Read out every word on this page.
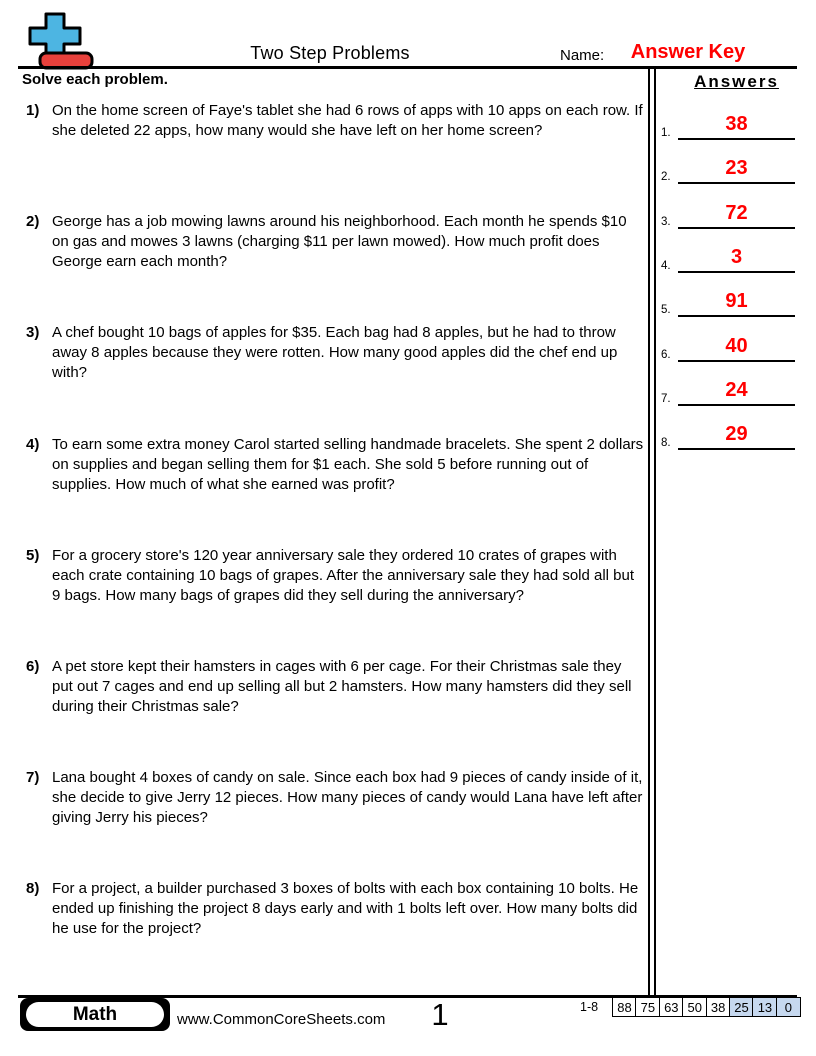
Two Step Problems	Name:	Answer Key
Solve each problem.
1) On the home screen of Faye's tablet she had 6 rows of apps with 10 apps on each row. If she deleted 22 apps, how many would she have left on her home screen?
2) George has a job mowing lawns around his neighborhood. Each month he spends $10 on gas and mowes 3 lawns (charging $11 per lawn mowed). How much profit does George earn each month?
3) A chef bought 10 bags of apples for $35. Each bag had 8 apples, but he had to throw away 8 apples because they were rotten. How many good apples did the chef end up with?
4) To earn some extra money Carol started selling handmade bracelets. She spent 2 dollars on supplies and began selling them for $1 each. She sold 5 before running out of supplies. How much of what she earned was profit?
5) For a grocery store's 120 year anniversary sale they ordered 10 crates of grapes with each crate containing 10 bags of grapes. After the anniversary sale they had sold all but 9 bags. How many bags of grapes did they sell during the anniversary?
6) A pet store kept their hamsters in cages with 6 per cage. For their Christmas sale they put out 7 cages and end up selling all but 2 hamsters. How many hamsters did they sell during their Christmas sale?
7) Lana bought 4 boxes of candy on sale. Since each box had 9 pieces of candy inside of it, she decide to give Jerry 12 pieces. How many pieces of candy would Lana have left after giving Jerry his pieces?
8) For a project, a builder purchased 3 boxes of bolts with each box containing 10 bolts. He ended up finishing the project 8 days early and with 1 bolts left over. How many bolts did he use for the project?
Answers
1.	38
2.	23
3.	72
4.	3
5.	91
6.	40
7.	24
8.	29
Math	www.CommonCoreSheets.com	1	1-8	88 75 63 50 38 25 13 0
